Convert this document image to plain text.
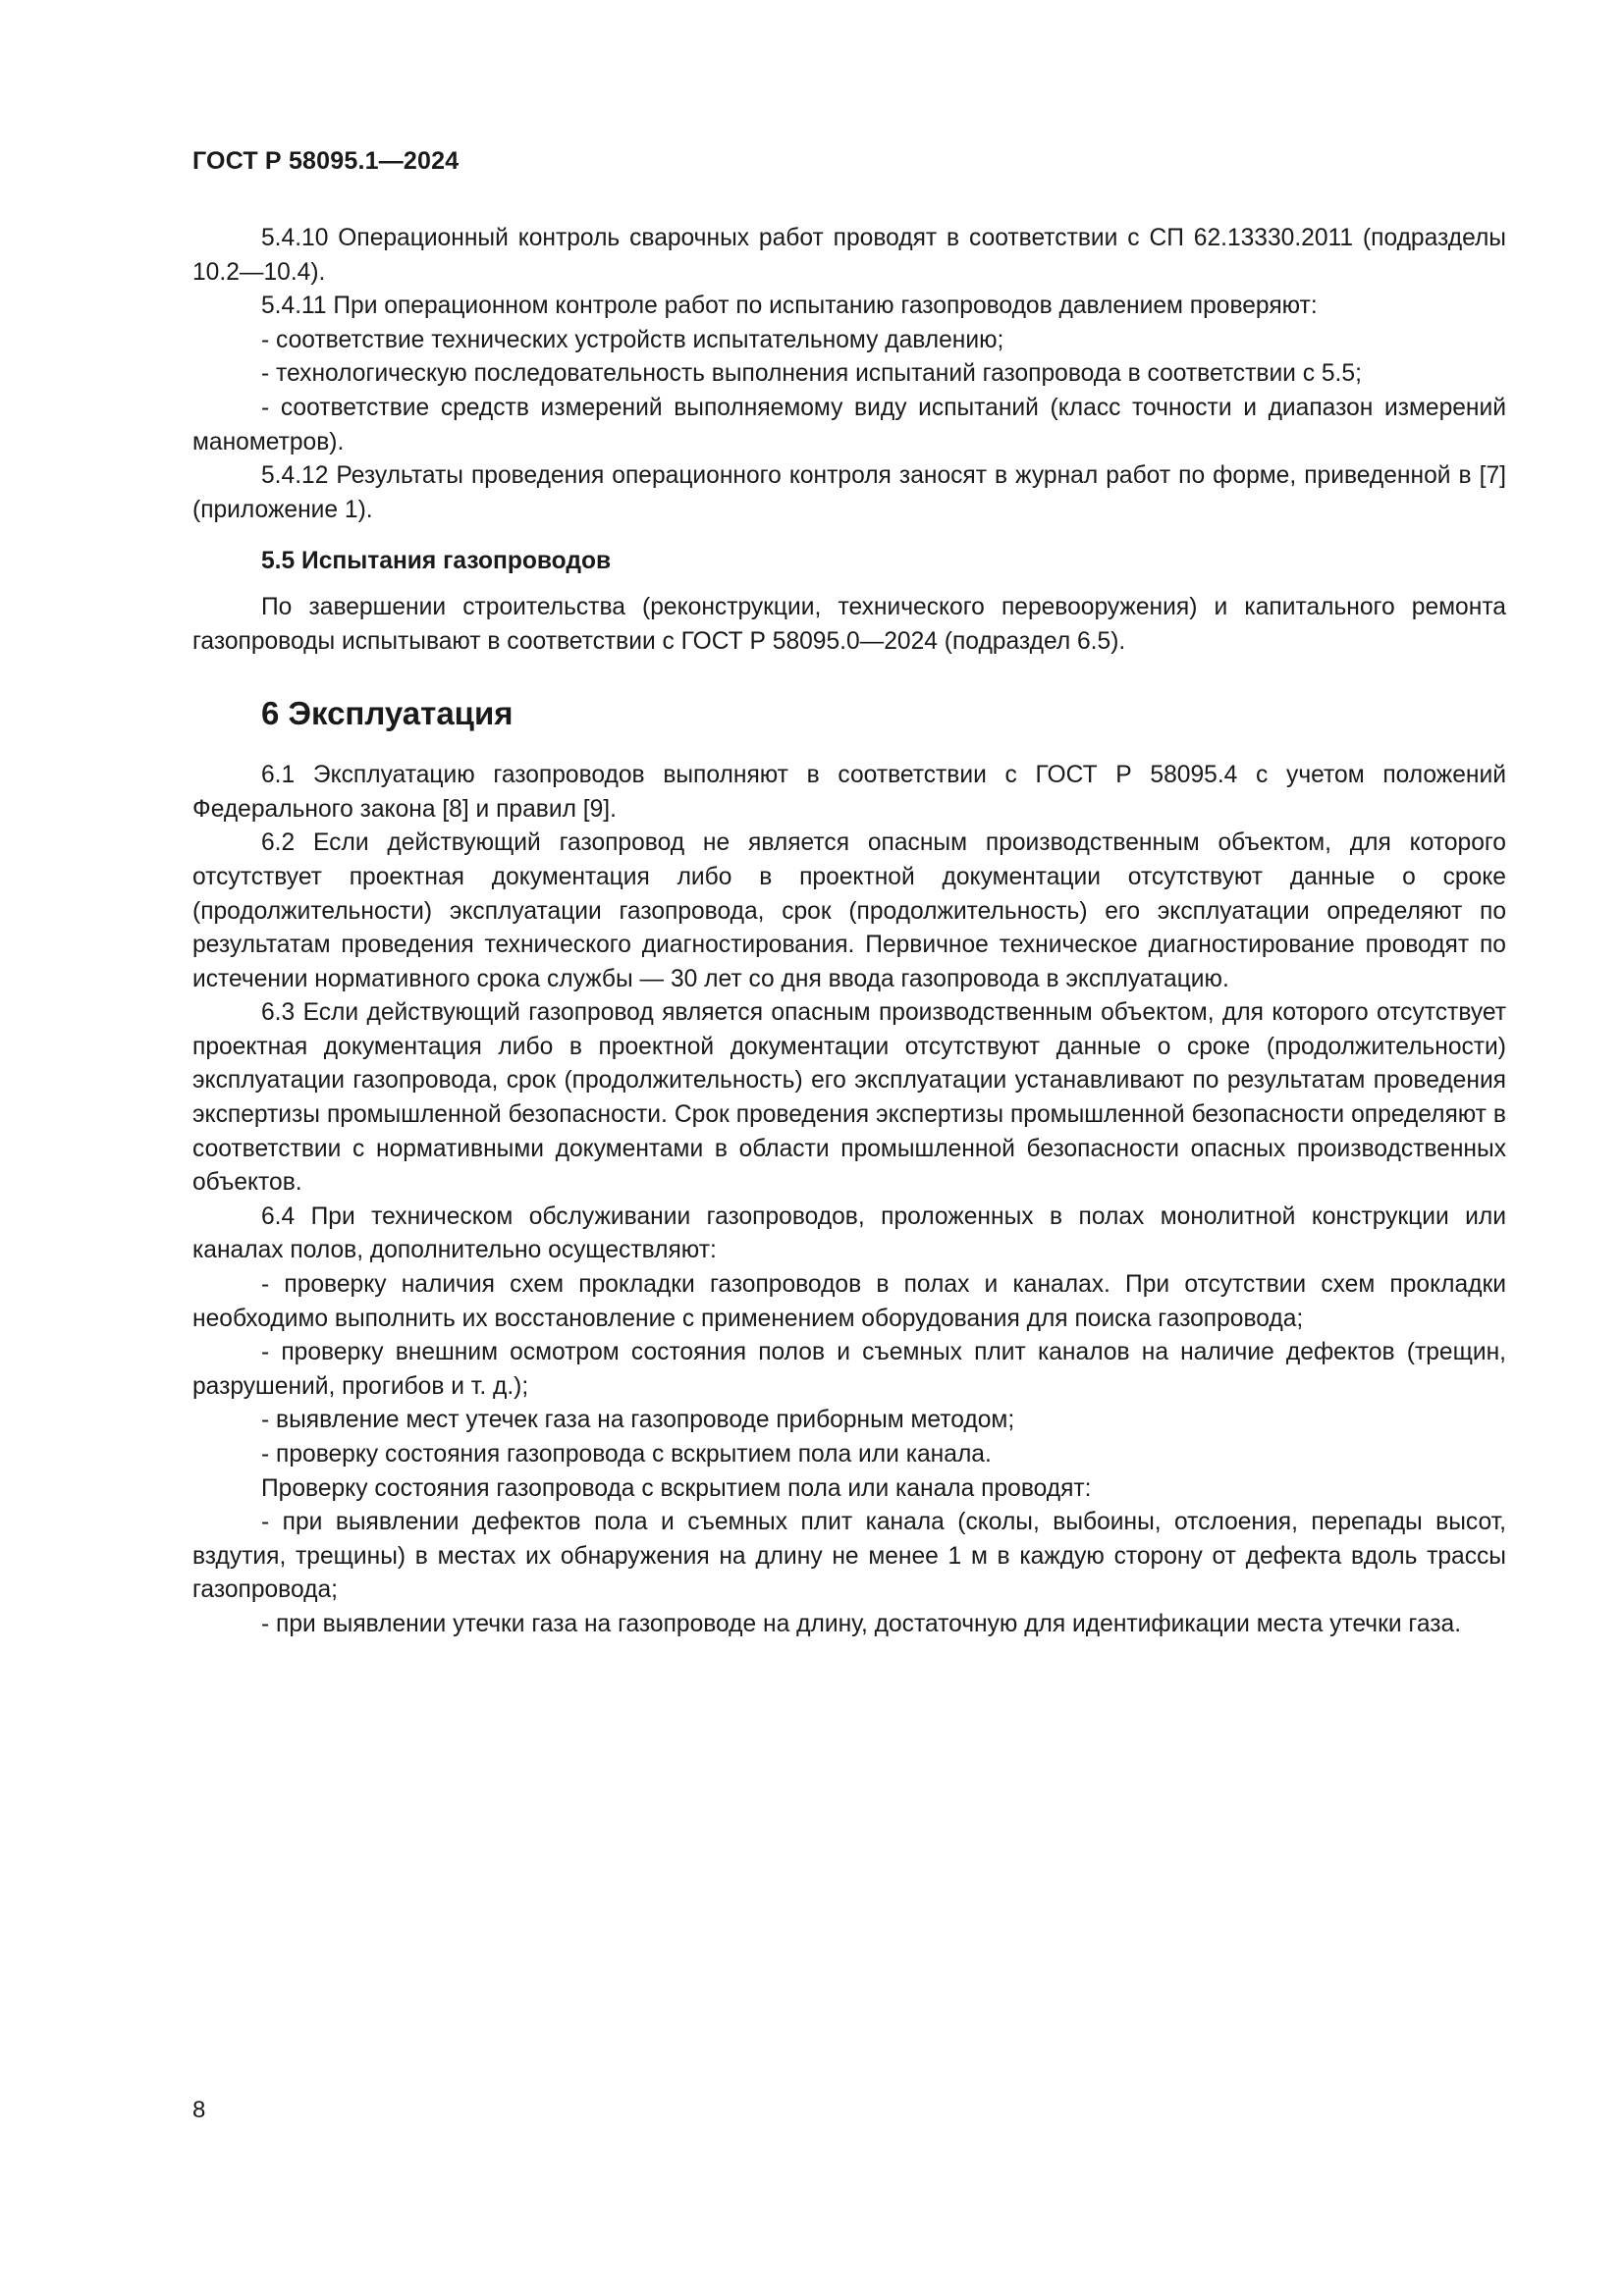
ГОСТ Р 58095.1—2024

5.4.10 Операционный контроль сварочных работ проводят в соответствии с СП 62.13330.2011 (подразделы 10.2—10.4).

5.4.11 При операционном контроле работ по испытанию газопроводов давлением проверяют:

- соответствие технических устройств испытательному давлению;

- технологическую последовательность выполнения испытаний газопровода в соответствии с 5.5;

- соответствие средств измерений выполняемому виду испытаний (класс точности и диапазон измерений манометров).

5.4.12 Результаты проведения операционного контроля заносят в журнал работ по форме, приведенной в [7] (приложение 1).

5.5 Испытания газопроводов

По завершении строительства (реконструкции, технического перевооружения) и капитального ремонта газопроводы испытывают в соответствии с ГОСТ Р 58095.0—2024 (подраздел 6.5).

6 Эксплуатация

6.1 Эксплуатацию газопроводов выполняют в соответствии с ГОСТ Р 58095.4 с учетом положений Федерального закона [8] и правил [9].

6.2 Если действующий газопровод не является опасным производственным объектом, для которого отсутствует проектная документация либо в проектной документации отсутствуют данные о сроке (продолжительности) эксплуатации газопровода, срок (продолжительность) его эксплуатации определяют по результатам проведения технического диагностирования. Первичное техническое диагностирование проводят по истечении нормативного срока службы — 30 лет со дня ввода газопровода в эксплуатацию.

6.3 Если действующий газопровод является опасным производственным объектом, для которого отсутствует проектная документация либо в проектной документации отсутствуют данные о сроке (продолжительности) эксплуатации газопровода, срок (продолжительность) его эксплуатации устанавливают по результатам проведения экспертизы промышленной безопасности. Срок проведения экспертизы промышленной безопасности определяют в соответствии с нормативными документами в области промышленной безопасности опасных производственных объектов.

6.4 При техническом обслуживании газопроводов, проложенных в полах монолитной конструкции или каналах полов, дополнительно осуществляют:

- проверку наличия схем прокладки газопроводов в полах и каналах. При отсутствии схем прокладки необходимо выполнить их восстановление с применением оборудования для поиска газопровода;

- проверку внешним осмотром состояния полов и съемных плит каналов на наличие дефектов (трещин, разрушений, прогибов и т. д.);

- выявление мест утечек газа на газопроводе приборным методом;

- проверку состояния газопровода с вскрытием пола или канала.

Проверку состояния газопровода с вскрытием пола или канала проводят:

- при выявлении дефектов пола и съемных плит канала (сколы, выбоины, отслоения, перепады высот, вздутия, трещины) в местах их обнаружения на длину не менее 1 м в каждую сторону от дефекта вдоль трассы газопровода;

- при выявлении утечки газа на газопроводе на длину, достаточную для идентификации места утечки газа.

8
